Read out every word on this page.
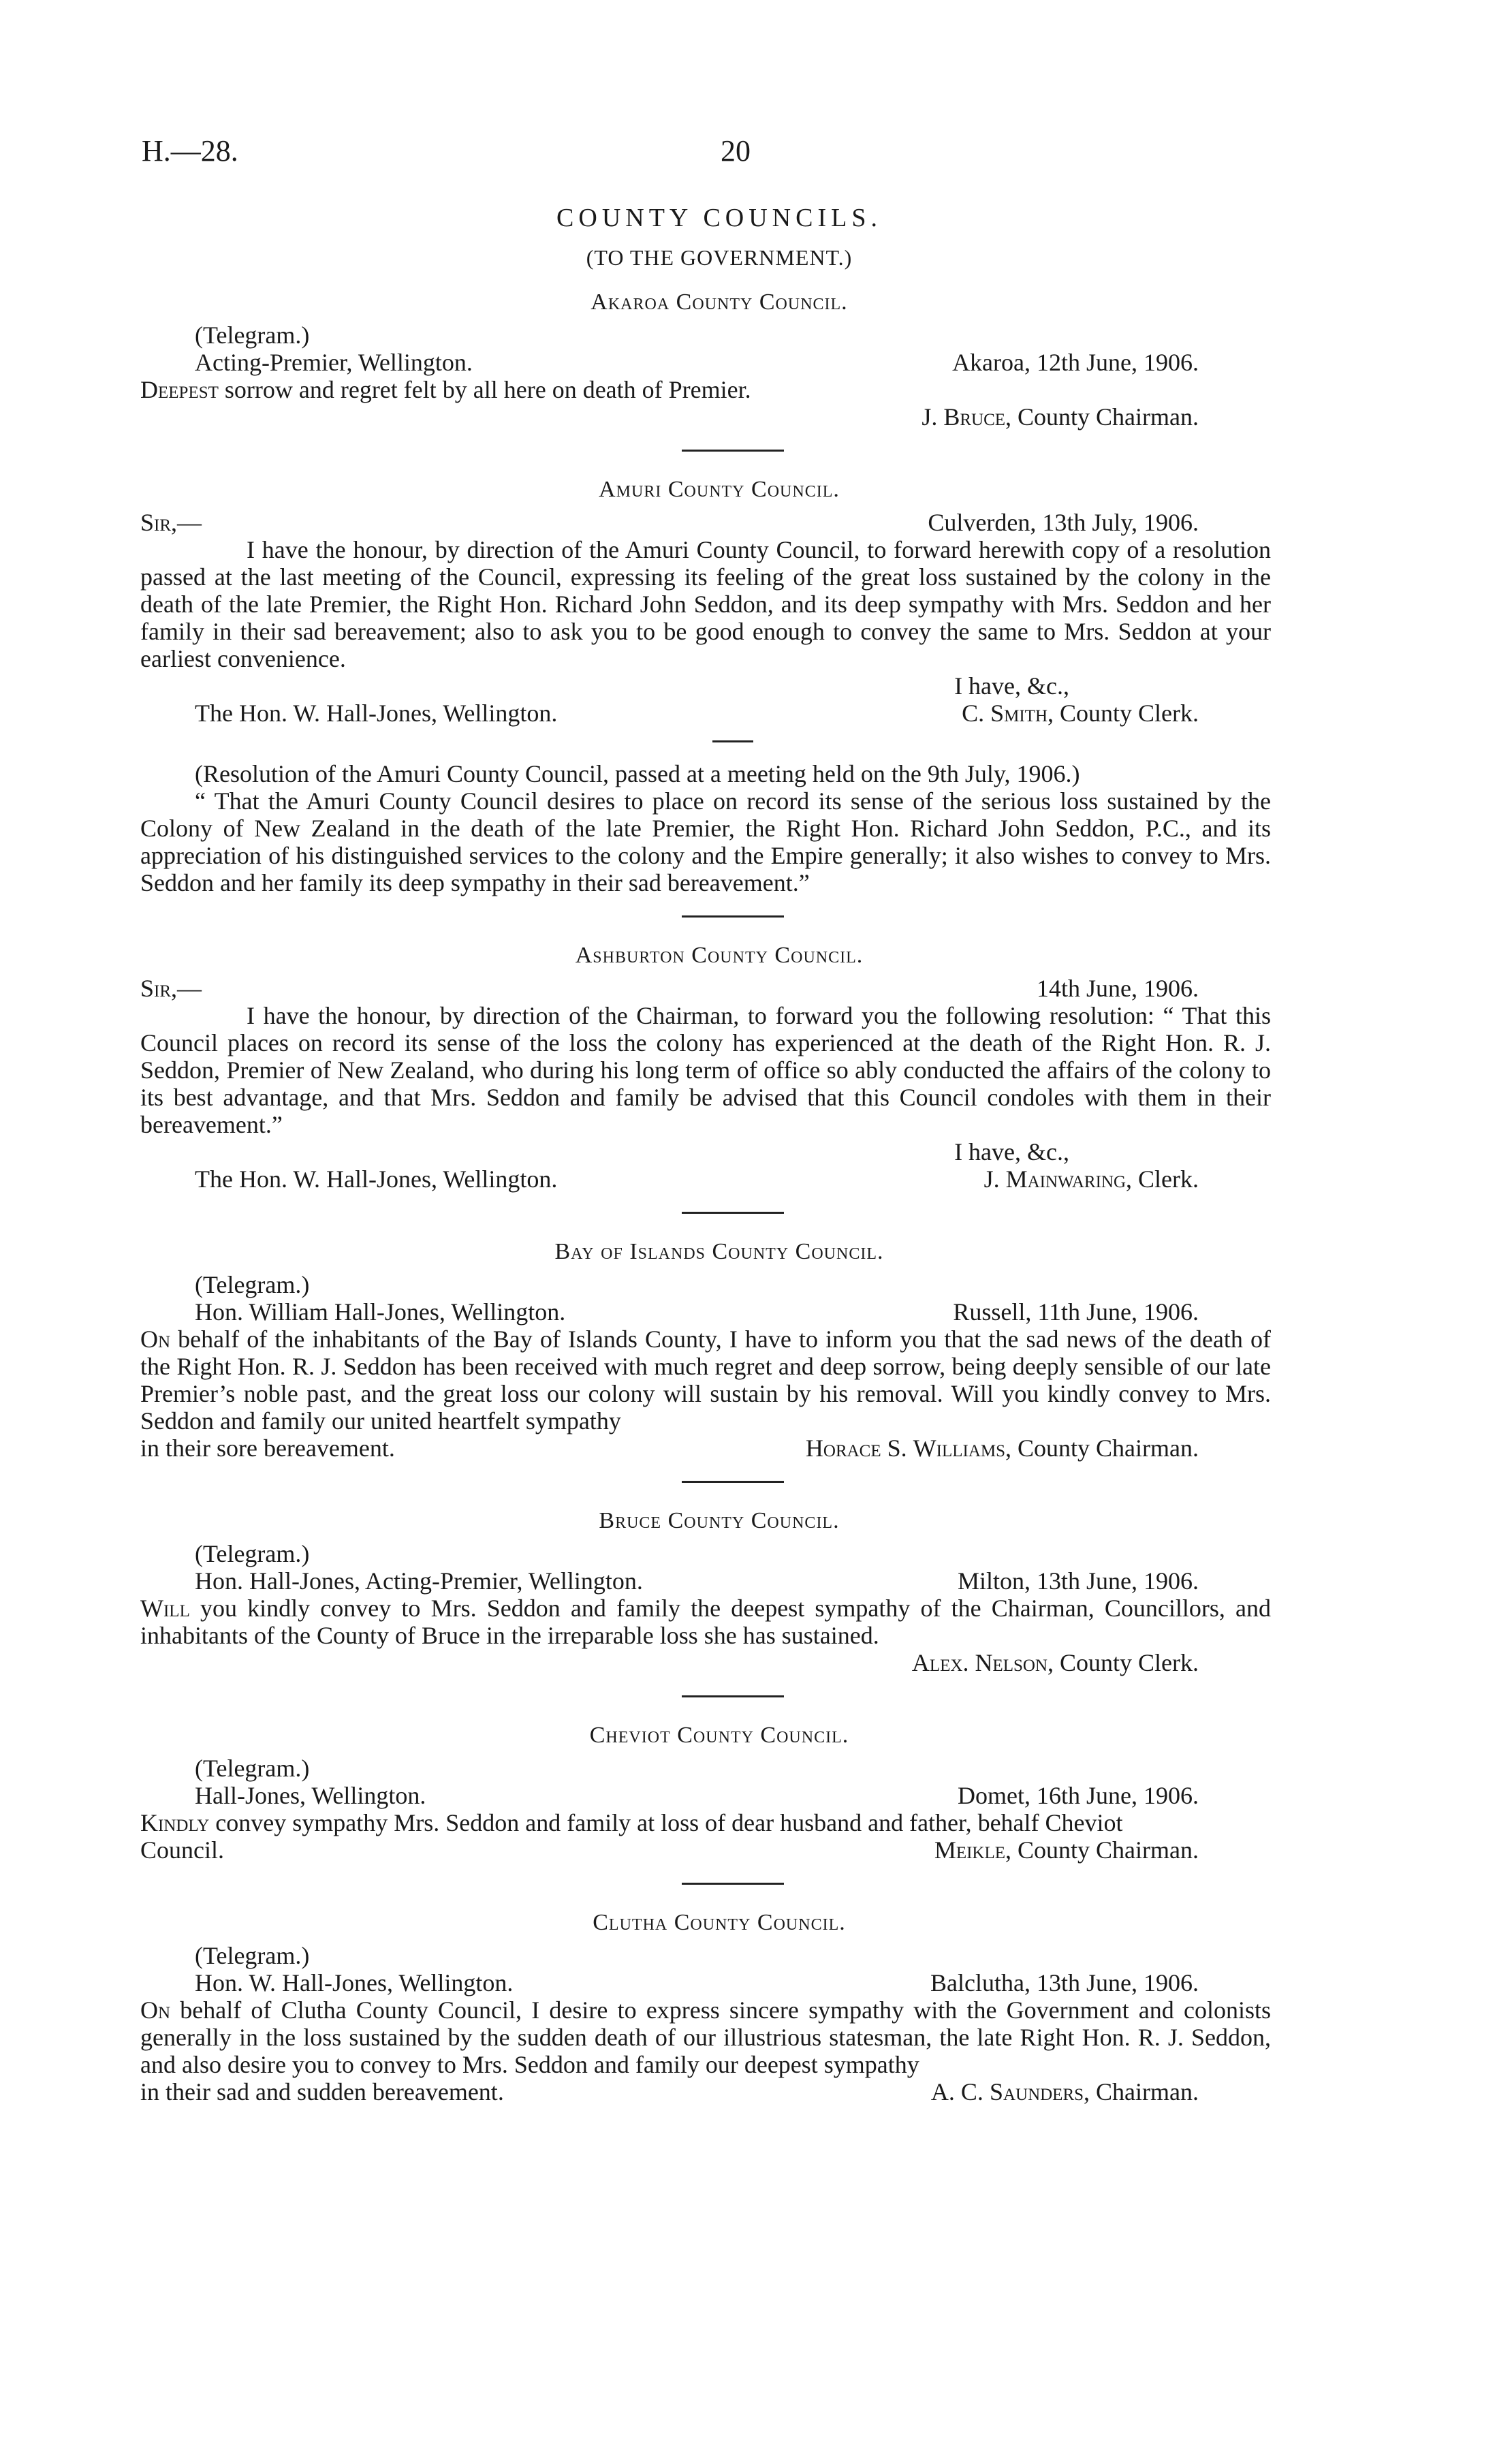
H.—28.	20
COUNTY COUNCILS.
(TO THE GOVERNMENT.)
Akaroa County Council.
(Telegram.)
Acting-Premier, Wellington.	Akaroa, 12th June, 1906.

Deepest sorrow and regret felt by all here on death of Premier.

J. Bruce, County Chairman.
Amuri County Council.
Sir,—	Culverden, 13th July, 1906.

I have the honour, by direction of the Amuri County Council, to forward herewith copy of a resolution passed at the last meeting of the Council, expressing its feeling of the great loss sustained by the colony in the death of the late Premier, the Right Hon. Richard John Seddon, and its deep sympathy with Mrs. Seddon and her family in their sad bereavement; also to ask you to be good enough to convey the same to Mrs. Seddon at your earliest convenience.

I have, &c.,
The Hon. W. Hall-Jones, Wellington.	C. Smith, County Clerk.
(Resolution of the Amuri County Council, passed at a meeting held on the 9th July, 1906.)

“ That the Amuri County Council desires to place on record its sense of the serious loss sustained by the Colony of New Zealand in the death of the late Premier, the Right Hon. Richard John Seddon, P.C., and its appreciation of his distinguished services to the colony and the Empire generally; it also wishes to convey to Mrs. Seddon and her family its deep sympathy in their sad bereavement.”

Ashburton County Council.
Sir,—	14th June, 1906.

I have the honour, by direction of the Chairman, to forward you the following resolution: “ That this Council places on record its sense of the loss the colony has experienced at the death of the Right Hon. R. J. Seddon, Premier of New Zealand, who during his long term of office so ably conducted the affairs of the colony to its best advantage, and that Mrs. Seddon and family be advised that this Council condoles with them in their bereavement.”

I have, &c.,
The Hon. W. Hall-Jones, Wellington.	J. Mainwaring, Clerk.
Bay of Islands County Council.
(Telegram.)
Hon. William Hall-Jones, Wellington.	Russell, 11th June, 1906.

On behalf of the inhabitants of the Bay of Islands County, I have to inform you that the sad news of the death of the Right Hon. R. J. Seddon has been received with much regret and deep sorrow, being deeply sensible of our late Premier’s noble past, and the great loss our colony will sustain by his removal. Will you kindly convey to Mrs. Seddon and family our united heartfelt sympathy

in their sore bereavement.	Horace S. Williams, County Chairman.
Bruce County Council.
(Telegram.)
Hon. Hall-Jones, Acting-Premier, Wellington.	Milton, 13th June, 1906.

Will you kindly convey to Mrs. Seddon and family the deepest sympathy of the Chairman, Councillors, and inhabitants of the County of Bruce in the irreparable loss she has sustained.

Alex. Nelson, County Clerk.
Cheviot County Council.
(Telegram.)
Hall-Jones, Wellington.	Domet, 16th June, 1906.

Kindly convey sympathy Mrs. Seddon and family at loss of dear husband and father, behalf Cheviot

Council.	Meikle, County Chairman.
Clutha County Council.
(Telegram.)
Hon. W. Hall-Jones, Wellington.	Balclutha, 13th June, 1906.

On behalf of Clutha County Council, I desire to express sincere sympathy with the Government and colonists generally in the loss sustained by the sudden death of our illustrious statesman, the late Right Hon. R. J. Seddon, and also desire you to convey to Mrs. Seddon and family our deepest sympathy

in their sad and sudden bereavement.	A. C. Saunders, Chairman.
